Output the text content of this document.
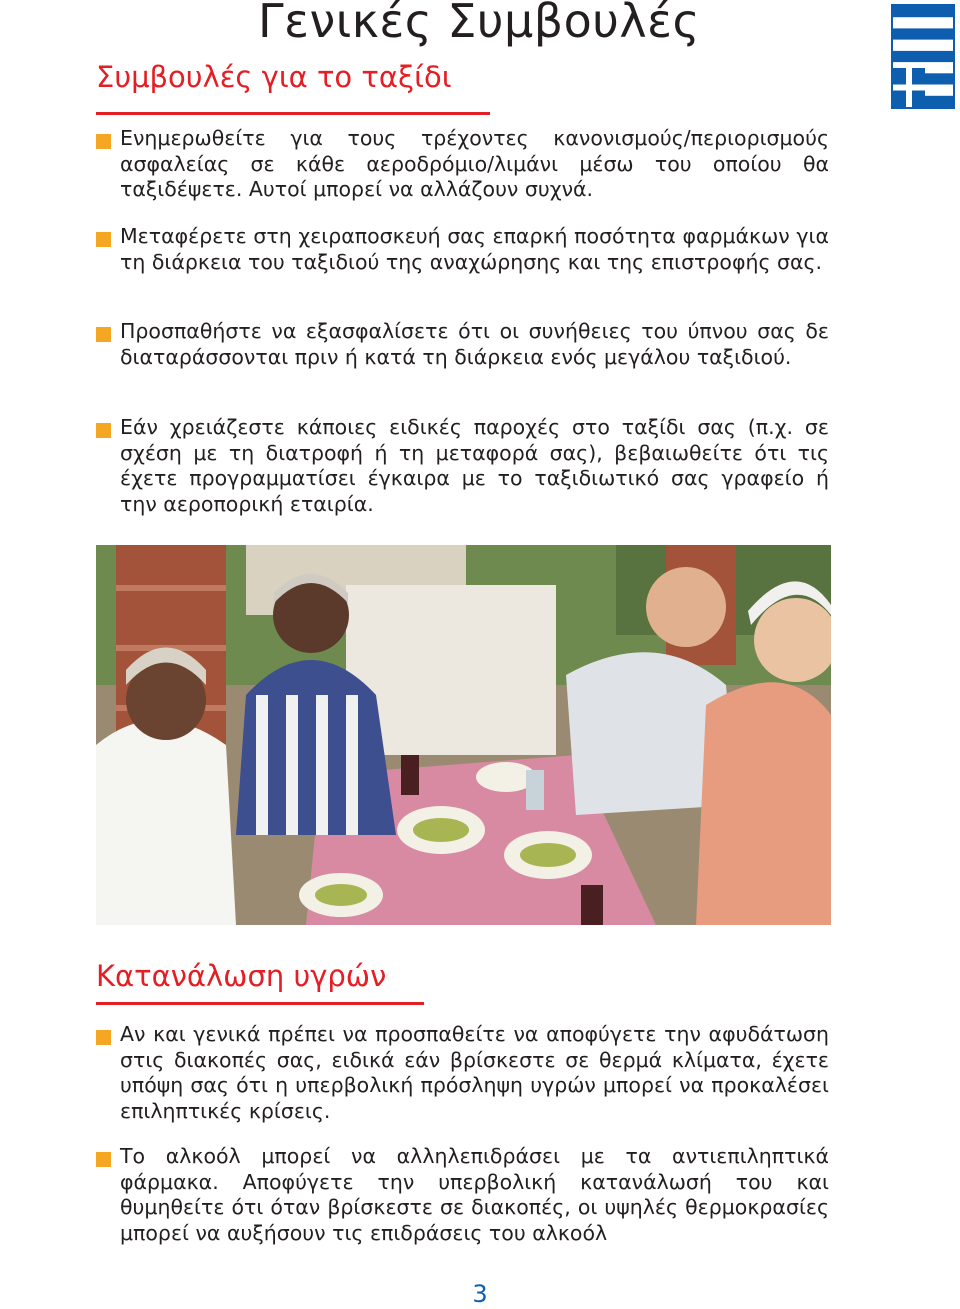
Γενικές Συμβουλές
Συμβουλές για το ταξίδι

Ενημερωθείτε για τους τρέχοντες κανονισμούς/περιορισμούς ασφαλείας σε κάθε αεροδρόμιο/λιμάνι μέσω του οποίου θα ταξιδέψετε. Αυτοί μπορεί να αλλάζουν συχνά.

Μεταφέρετε στη χειραποσκευή σας επαρκή ποσότητα φαρμάκων για τη διάρκεια του ταξιδιού της αναχώρησης και της επιστροφής σας.

Προσπαθήστε να εξασφαλίσετε ότι οι συνήθειες του ύπνου σας δε διαταράσσονται πριν ή κατά τη διάρκεια ενός μεγάλου ταξιδιού.

Εάν χρειάζεστε κάποιες ειδικές παροχές στο ταξίδι σας (π.χ. σε σχέση με τη διατροφή ή τη μεταφορά σας), βεβαιωθείτε ότι τις έχετε προγραμματίσει έγκαιρα με το ταξιδιωτικό σας γραφείο ή την αεροπορική εταιρία.

Κατανάλωση υγρών

Αν και γενικά πρέπει να προσπαθείτε να αποφύγετε την αφυδάτωση στις διακοπές σας, ειδικά εάν βρίσκεστε σε θερμά κλίματα, έχετε υπόψη σας ότι η υπερβολική πρόσληψη υγρών μπορεί να προκαλέσει επιληπτικές κρίσεις.

Το αλκοόλ μπορεί να αλληλεπιδράσει με τα αντιεπιληπτικά φάρμακα. Αποφύγετε την υπερβολική κατανάλωσή του και θυμηθείτε ότι όταν βρίσκεστε σε διακοπές, οι υψηλές θερμοκρασίες μπορεί να αυξήσουν τις επιδράσεις του αλκοόλ

3
